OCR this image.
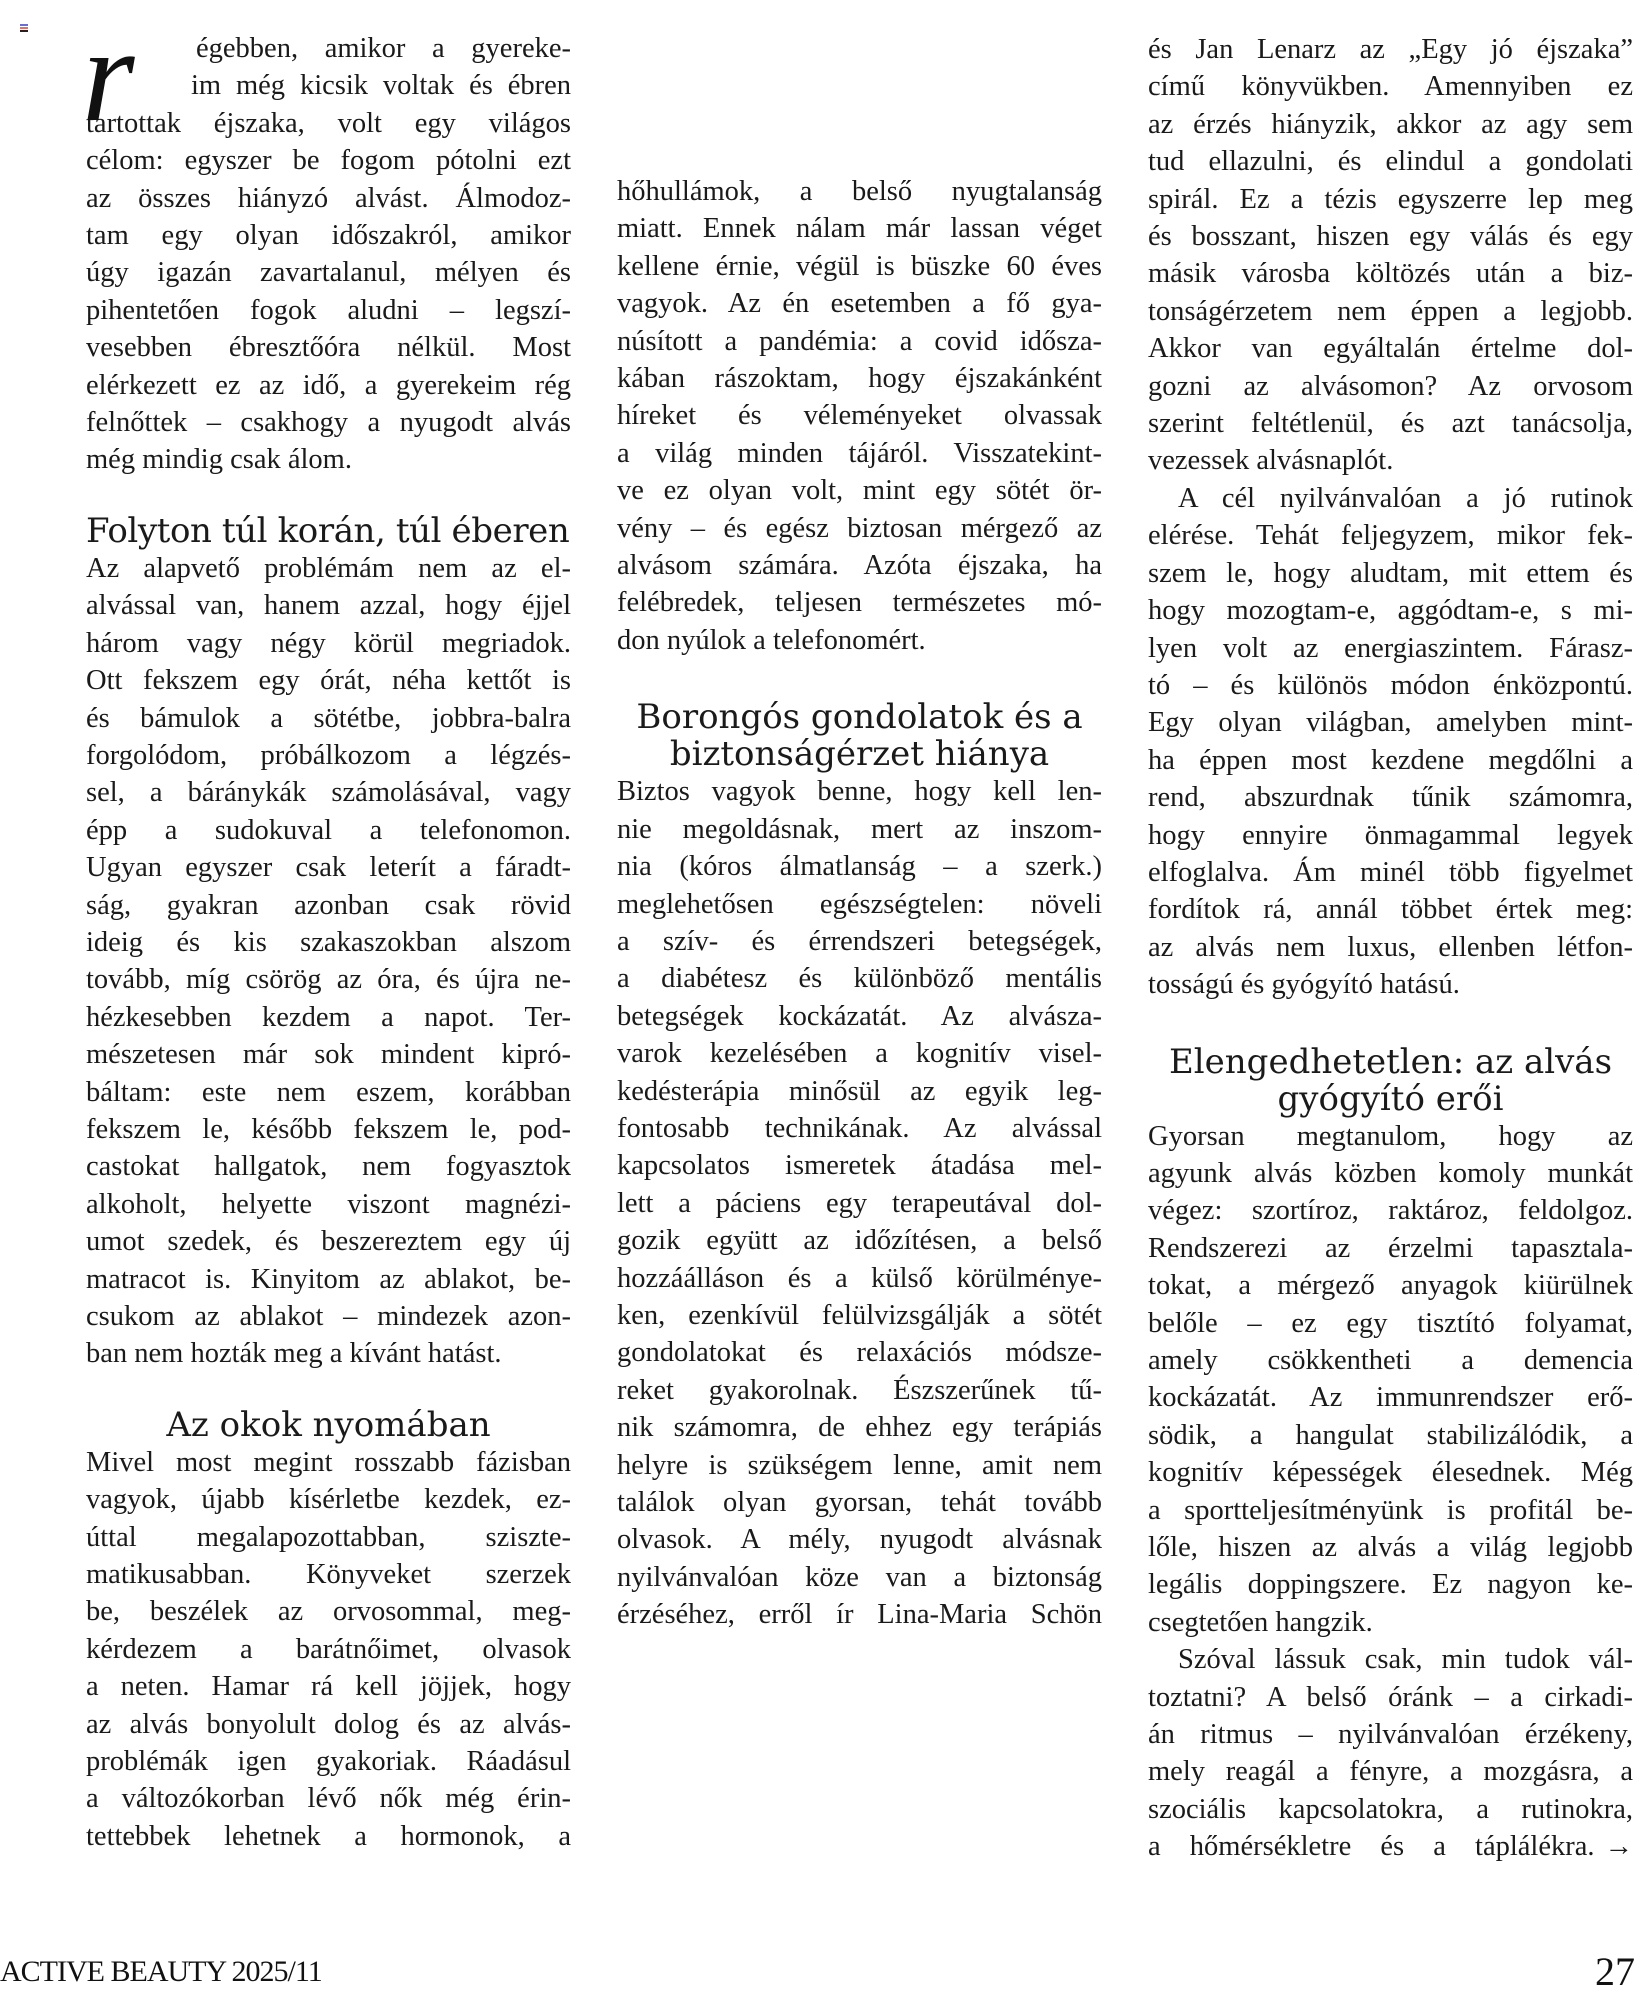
r	égebben, amikor a gyereke-
im még kicsik voltak és ébren
tartottak éjszaka, volt egy világos
célom: egyszer be fogom pótolni ezt
az összes hiányzó alvást. Álmodoz-
tam egy olyan időszakról, amikor
úgy igazán zavartalanul, mélyen és
pihentetően fogok aludni – legszí-
vesebben ébresztőóra nélkül. Most
elérkezett ez az idő, a gyerekeim rég
felnőttek – csakhogy a nyugodt alvás
még mindig csak álom.
Folyton túl korán, túl éberen
Az alapvető problémám nem az el-
alvással van, hanem azzal, hogy éjjel
három vagy négy körül megriadok.
Ott fekszem egy órát, néha kettőt is
és bámulok a sötétbe, jobbra-balra
forgolódom, próbálkozom a légzés-
sel, a báránykák számolásával, vagy
épp a sudokuval a telefonomon.
Ugyan egyszer csak leterít a fáradt-
ság, gyakran azonban csak rövid
ideig és kis szakaszokban alszom
tovább, míg csörög az óra, és újra ne-
hézkesebben kezdem a napot. Ter-
mészetesen már sok mindent kipró-
báltam: este nem eszem, korábban
fekszem le, később fekszem le, pod-
castokat hallgatok, nem fogyasztok
alkoholt, helyette viszont magnézi-
umot szedek, és beszereztem egy új
matracot is. Kinyitom az ablakot, be-
csukom az ablakot – mindezek azon-
ban nem hozták meg a kívánt hatást.
Az okok nyomában
Mivel most megint rosszabb fázisban
vagyok, újabb kísérletbe kezdek, ez-
úttal megalapozottabban, sziszte-
matikusabban. Könyveket szerzek
be, beszélek az orvosommal, meg-
kérdezem a barátnőimet, olvasok
a neten. Hamar rá kell jöjjek, hogy
az alvás bonyolult dolog és az alvás-
problémák igen gyakoriak. Ráadásul
a változókorban lévő nők még érin-
tettebbek lehetnek a hormonok, a
hőhullámok, a belső nyugtalanság
miatt. Ennek nálam már lassan véget
kellene érnie, végül is büszke 60 éves
vagyok. Az én esetemben a fő gya-
núsított a pandémia: a covid idősza-
kában rászoktam, hogy éjszakánként
híreket és véleményeket olvassak
a világ minden tájáról. Visszatekint-
ve ez olyan volt, mint egy sötét ör-
vény – és egész biztosan mérgező az
alvásom számára. Azóta éjszaka, ha
felébredek, teljesen természetes mó-
don nyúlok a telefonomért.
Borongós gondolatok és a
biztonságérzet hiánya
Biztos vagyok benne, hogy kell len-
nie megoldásnak, mert az inszom-
nia (kóros álmatlanság – a szerk.)
meglehetősen egészségtelen: növeli
a szív- és érrendszeri betegségek,
a diabétesz és különböző mentális
betegségek kockázatát. Az alvásza-
varok kezelésében a kognitív visel-
kedésterápia minősül az egyik leg-
fontosabb technikának. Az alvással
kapcsolatos ismeretek átadása mel-
lett a páciens egy terapeutával dol-
gozik együtt az időzítésen, a belső
hozzáálláson és a külső körülménye-
ken, ezenkívül felülvizsgálják a sötét
gondolatokat és relaxációs módsze-
reket gyakorolnak. Észszerűnek tű-
nik számomra, de ehhez egy terápiás
helyre is szükségem lenne, amit nem
találok olyan gyorsan, tehát tovább
olvasok. A mély, nyugodt alvásnak
nyilvánvalóan köze van a biztonság
érzéséhez, erről ír Lina-Maria Schön
és Jan Lenarz az „Egy jó éjszaka”
című könyvükben. Amennyiben ez
az érzés hiányzik, akkor az agy sem
tud ellazulni, és elindul a gondolati
spirál. Ez a tézis egyszerre lep meg
és bosszant, hiszen egy válás és egy
másik városba költözés után a biz-
tonságérzetem nem éppen a legjobb.
Akkor van egyáltalán értelme dol-
gozni az alvásomon? Az orvosom
szerint feltétlenül, és azt tanácsolja,
vezessek alvásnaplót.
A cél nyilvánvalóan a jó rutinok
elérése. Tehát feljegyzem, mikor fek-
szem le, hogy aludtam, mit ettem és
hogy mozogtam-e, aggódtam-e, s mi-
lyen volt az energiaszintem. Fárasz-
tó – és különös módon énközpontú.
Egy olyan világban, amelyben mint-
ha éppen most kezdene megdőlni a
rend, abszurdnak tűnik számomra,
hogy ennyire önmagammal legyek
elfoglalva. Ám minél több figyelmet
fordítok rá, annál többet értek meg:
az alvás nem luxus, ellenben létfon-
tosságú és gyógyító hatású.
Elengedhetetlen: az alvás
gyógyító erői
Gyorsan megtanulom, hogy az
agyunk alvás közben komoly munkát
végez: szortíroz, raktároz, feldolgoz.
Rendszerezi az érzelmi tapasztala-
tokat, a mérgező anyagok kiürülnek
belőle – ez egy tisztító folyamat,
amely csökkentheti a demencia
kockázatát. Az immunrendszer erő-
södik, a hangulat stabilizálódik, a
kognitív képességek élesednek. Még
a sportteljesítményünk is profitál be-
lőle, hiszen az alvás a világ legjobb
legális doppingszere. Ez nagyon ke-
csegtetően hangzik.
Szóval lássuk csak, min tudok vál-
toztatni? A belső óránk – a cirkadi-
án ritmus – nyilvánvalóan érzékeny,
mely reagál a fényre, a mozgásra, a
szociális kapcsolatokra, a rutinokra,
a hőmérsékletre és a táplálékra. →
ACTIVE BEAUTY 2025/11	27
